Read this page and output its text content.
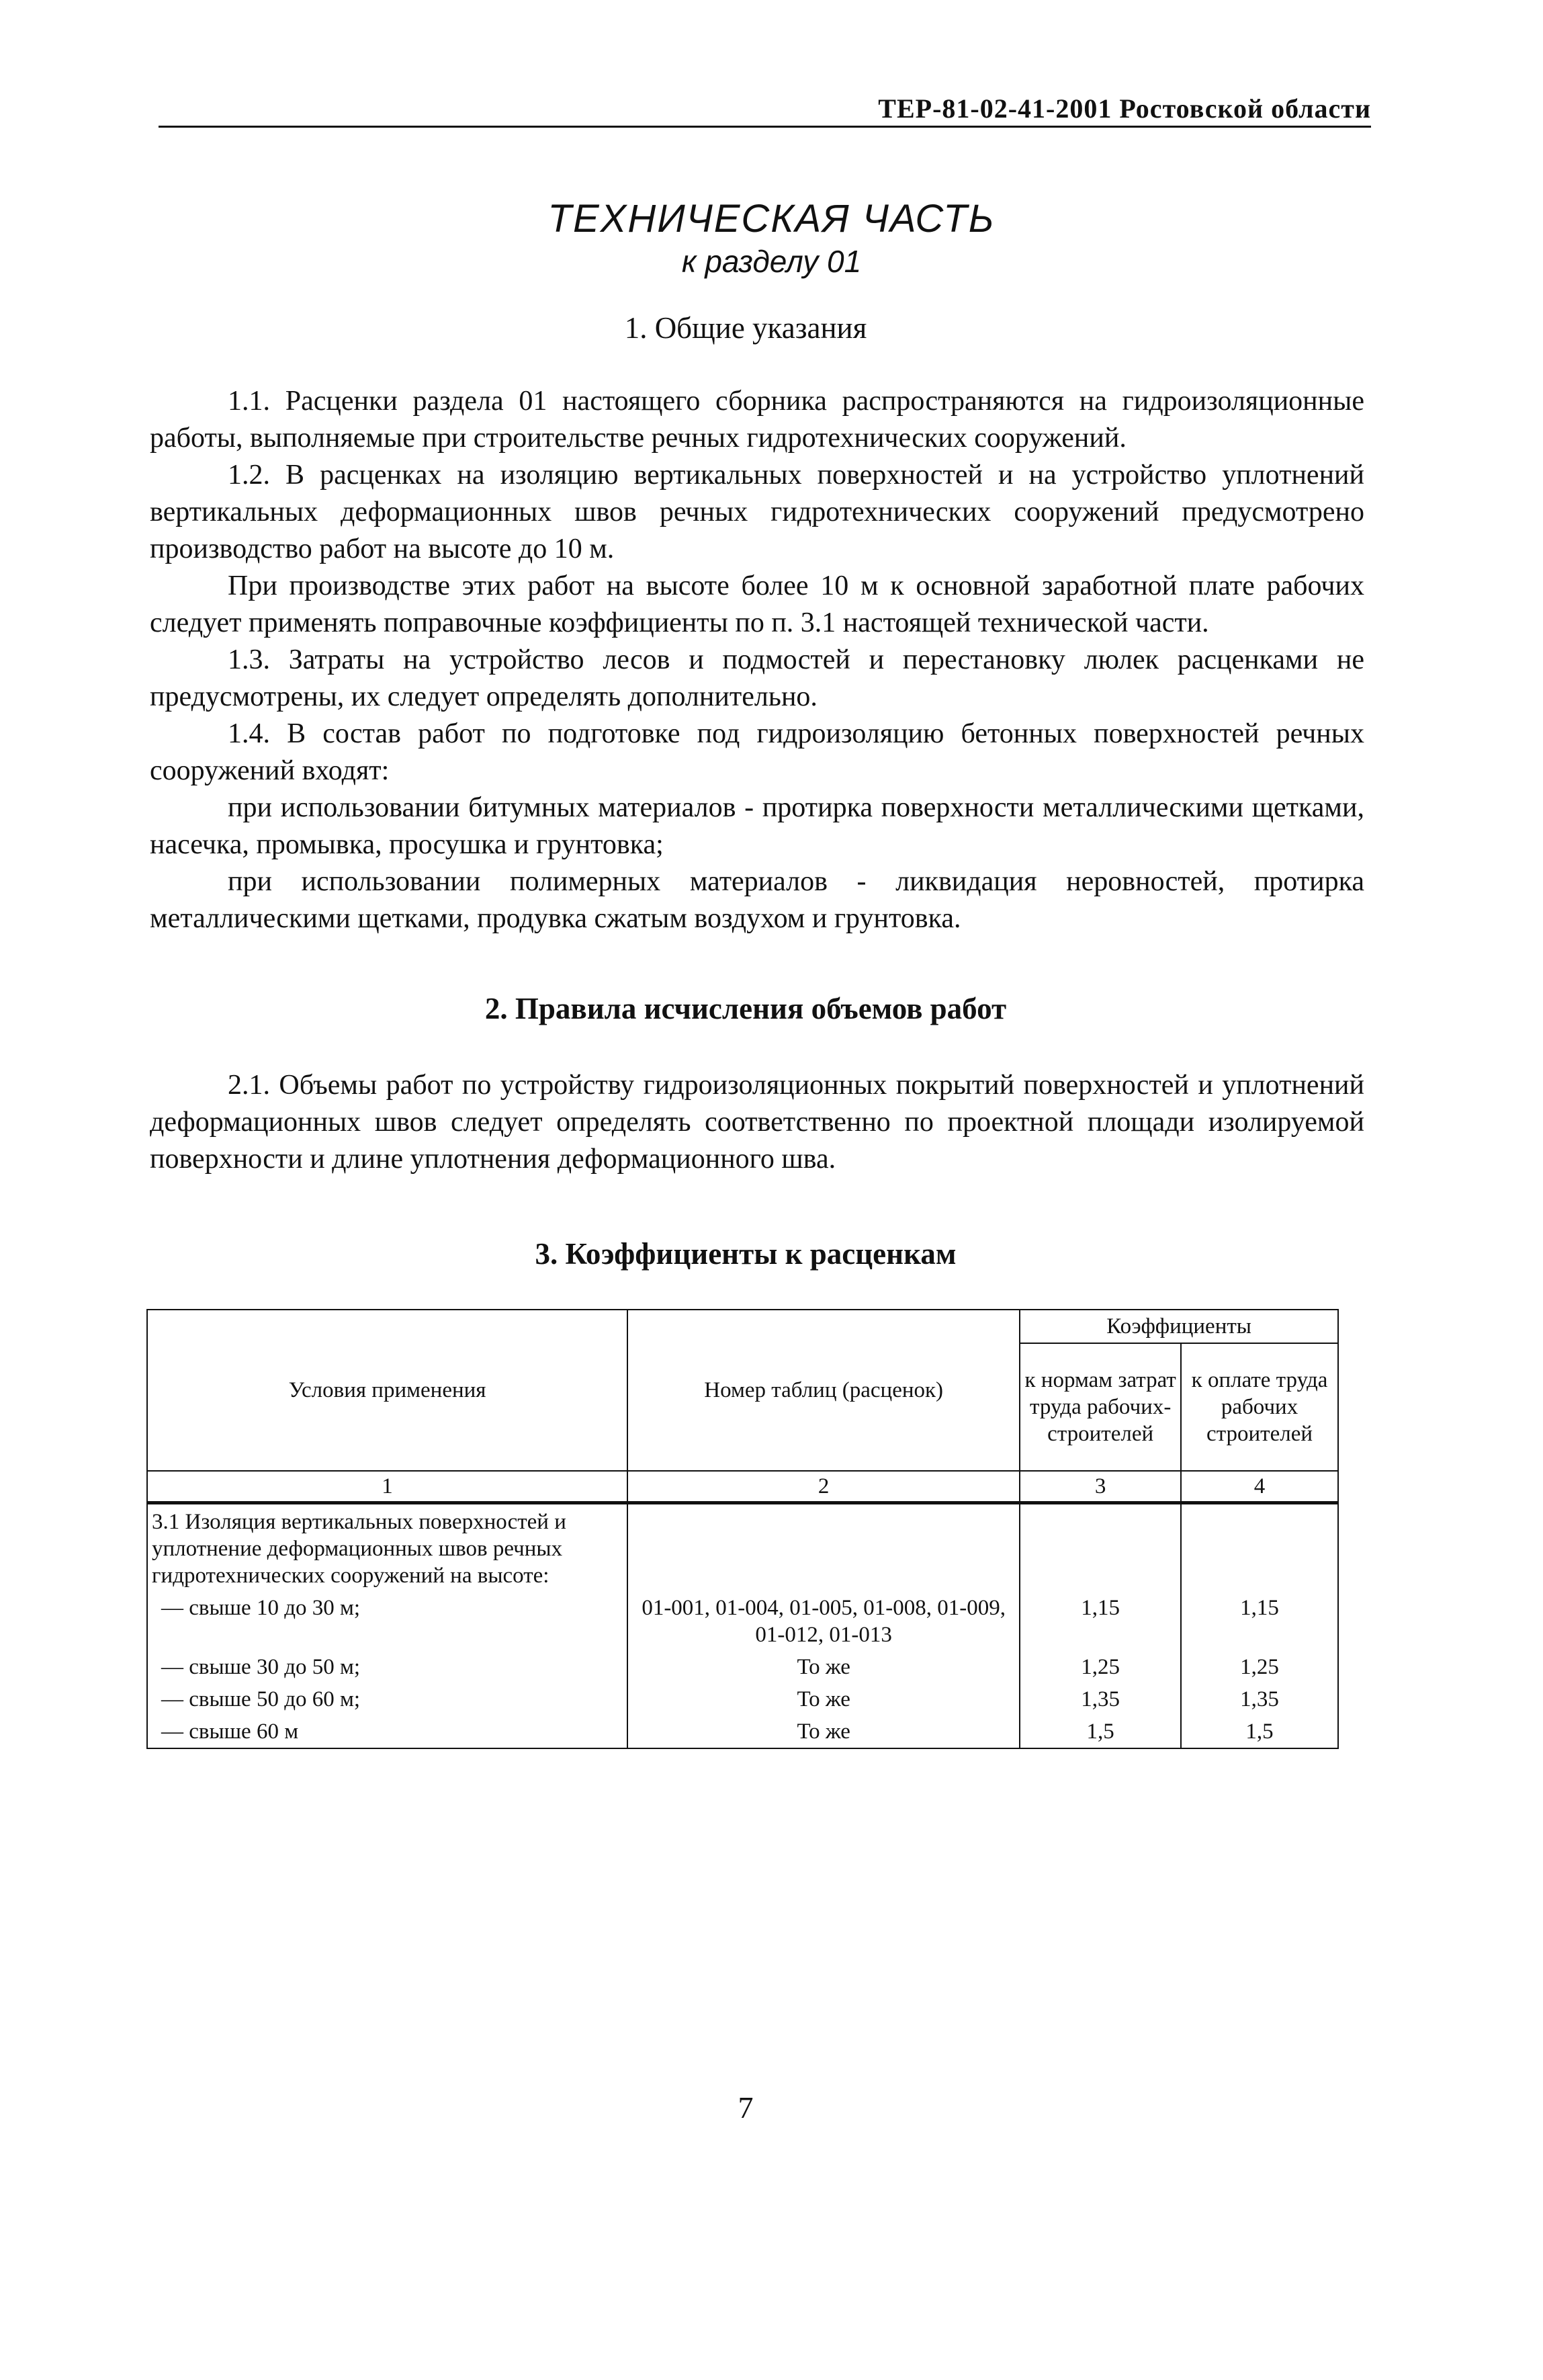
ТЕР-81-02-41-2001 Ростовской области
ТЕХНИЧЕСКАЯ ЧАСТЬ
к разделу 01
1. Общие указания

1.1. Расценки раздела 01 настоящего сборника распространяются на гидроизоляционные работы, выполняемые при строительстве речных гидротехнических сооружений.

1.2. В расценках на изоляцию вертикальных поверхностей и на устройство уплотнений вертикальных деформационных швов речных гидротехнических сооружений предусмотрено производство работ на высоте до 10 м.

При производстве этих работ на высоте более 10 м к основной заработной плате рабочих следует применять поправочные коэффициенты по п. 3.1 настоящей технической части.

1.3. Затраты на устройство лесов и подмостей и перестановку люлек расценками не предусмотрены, их следует определять дополнительно.

1.4. В состав работ по подготовке под гидроизоляцию бетонных поверхностей речных сооружений входят:

при использовании битумных материалов - протирка поверхности металлическими щетками, насечка, промывка, просушка и грунтовка;

при использовании полимерных материалов - ликвидация неровностей, протирка металлическими щетками, продувка сжатым воздухом и грунтовка.

2. Правила исчисления объемов работ

2.1. Объемы работ по устройству гидроизоляционных покрытий поверхностей и уплотнений деформационных швов следует определять соответственно по проектной площади изолируемой поверхности и длине уплотнения деформационного шва.

3. Коэффициенты к расценкам
Условия применения	Номер таблиц (расценок)	Коэффициенты	
		к нормам затрат труда рабочих-строителей	к оплате труда рабочих строителей
1	2	3	4
3.1 Изоляция вертикальных поверхностей и уплотнение деформационных швов речных гидротехнических сооружений на высоте:			
— свыше 10 до 30 м;	01-001, 01-004, 01-005, 01-008, 01-009, 01-012, 01-013	1,15	1,15
— свыше 30 до 50 м;	То же	1,25	1,25
— свыше 50 до 60 м;	То же	1,35	1,35
— свыше 60 м	То же	1,5	1,5
7
